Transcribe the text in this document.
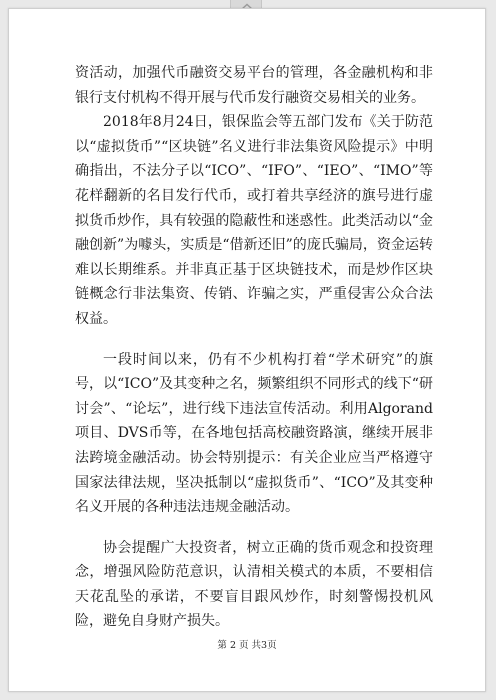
资活动，加强代币融资交易平台的管理，各金融机构和非银行支付机构不得开展与代币发行融资交易相关的业务。

2018年8月24日，银保监会等五部门发布《关于防范以“虚拟货币”“区块链”名义进行非法集资风险提示》中明确指出，不法分子以“ICO”、“IFO”、“IEO”、“IMO”等花样翻新的名目发行代币，或打着共享经济的旗号进行虚拟货币炒作，具有较强的隐蔽性和迷惑性。此类活动以“金融创新”为噱头，实质是“借新还旧”的庞氏骗局，资金运转难以长期维系。并非真正基于区块链技术，而是炒作区块链概念行非法集资、传销、诈骗之实，严重侵害公众合法权益。

一段时间以来，仍有不少机构打着“学术研究”的旗号，以“ICO”及其变种之名，频繁组织不同形式的线下“研讨会”、“论坛”，进行线下违法宣传活动。利用Algorand项目、DVS币等，在各地包括高校融资路演，继续开展非法跨境金融活动。协会特别提示：有关企业应当严格遵守国家法律法规，坚决抵制以“虚拟货币”、“ICO”及其变种名义开展的各种违法违规金融活动。

协会提醒广大投资者，树立正确的货币观念和投资理念，增强风险防范意识，认清相关模式的本质，不要相信天花乱坠的承诺，不要盲目跟风炒作，时刻警惕投机风险，避免自身财产损失。

第 2 页 共3页
